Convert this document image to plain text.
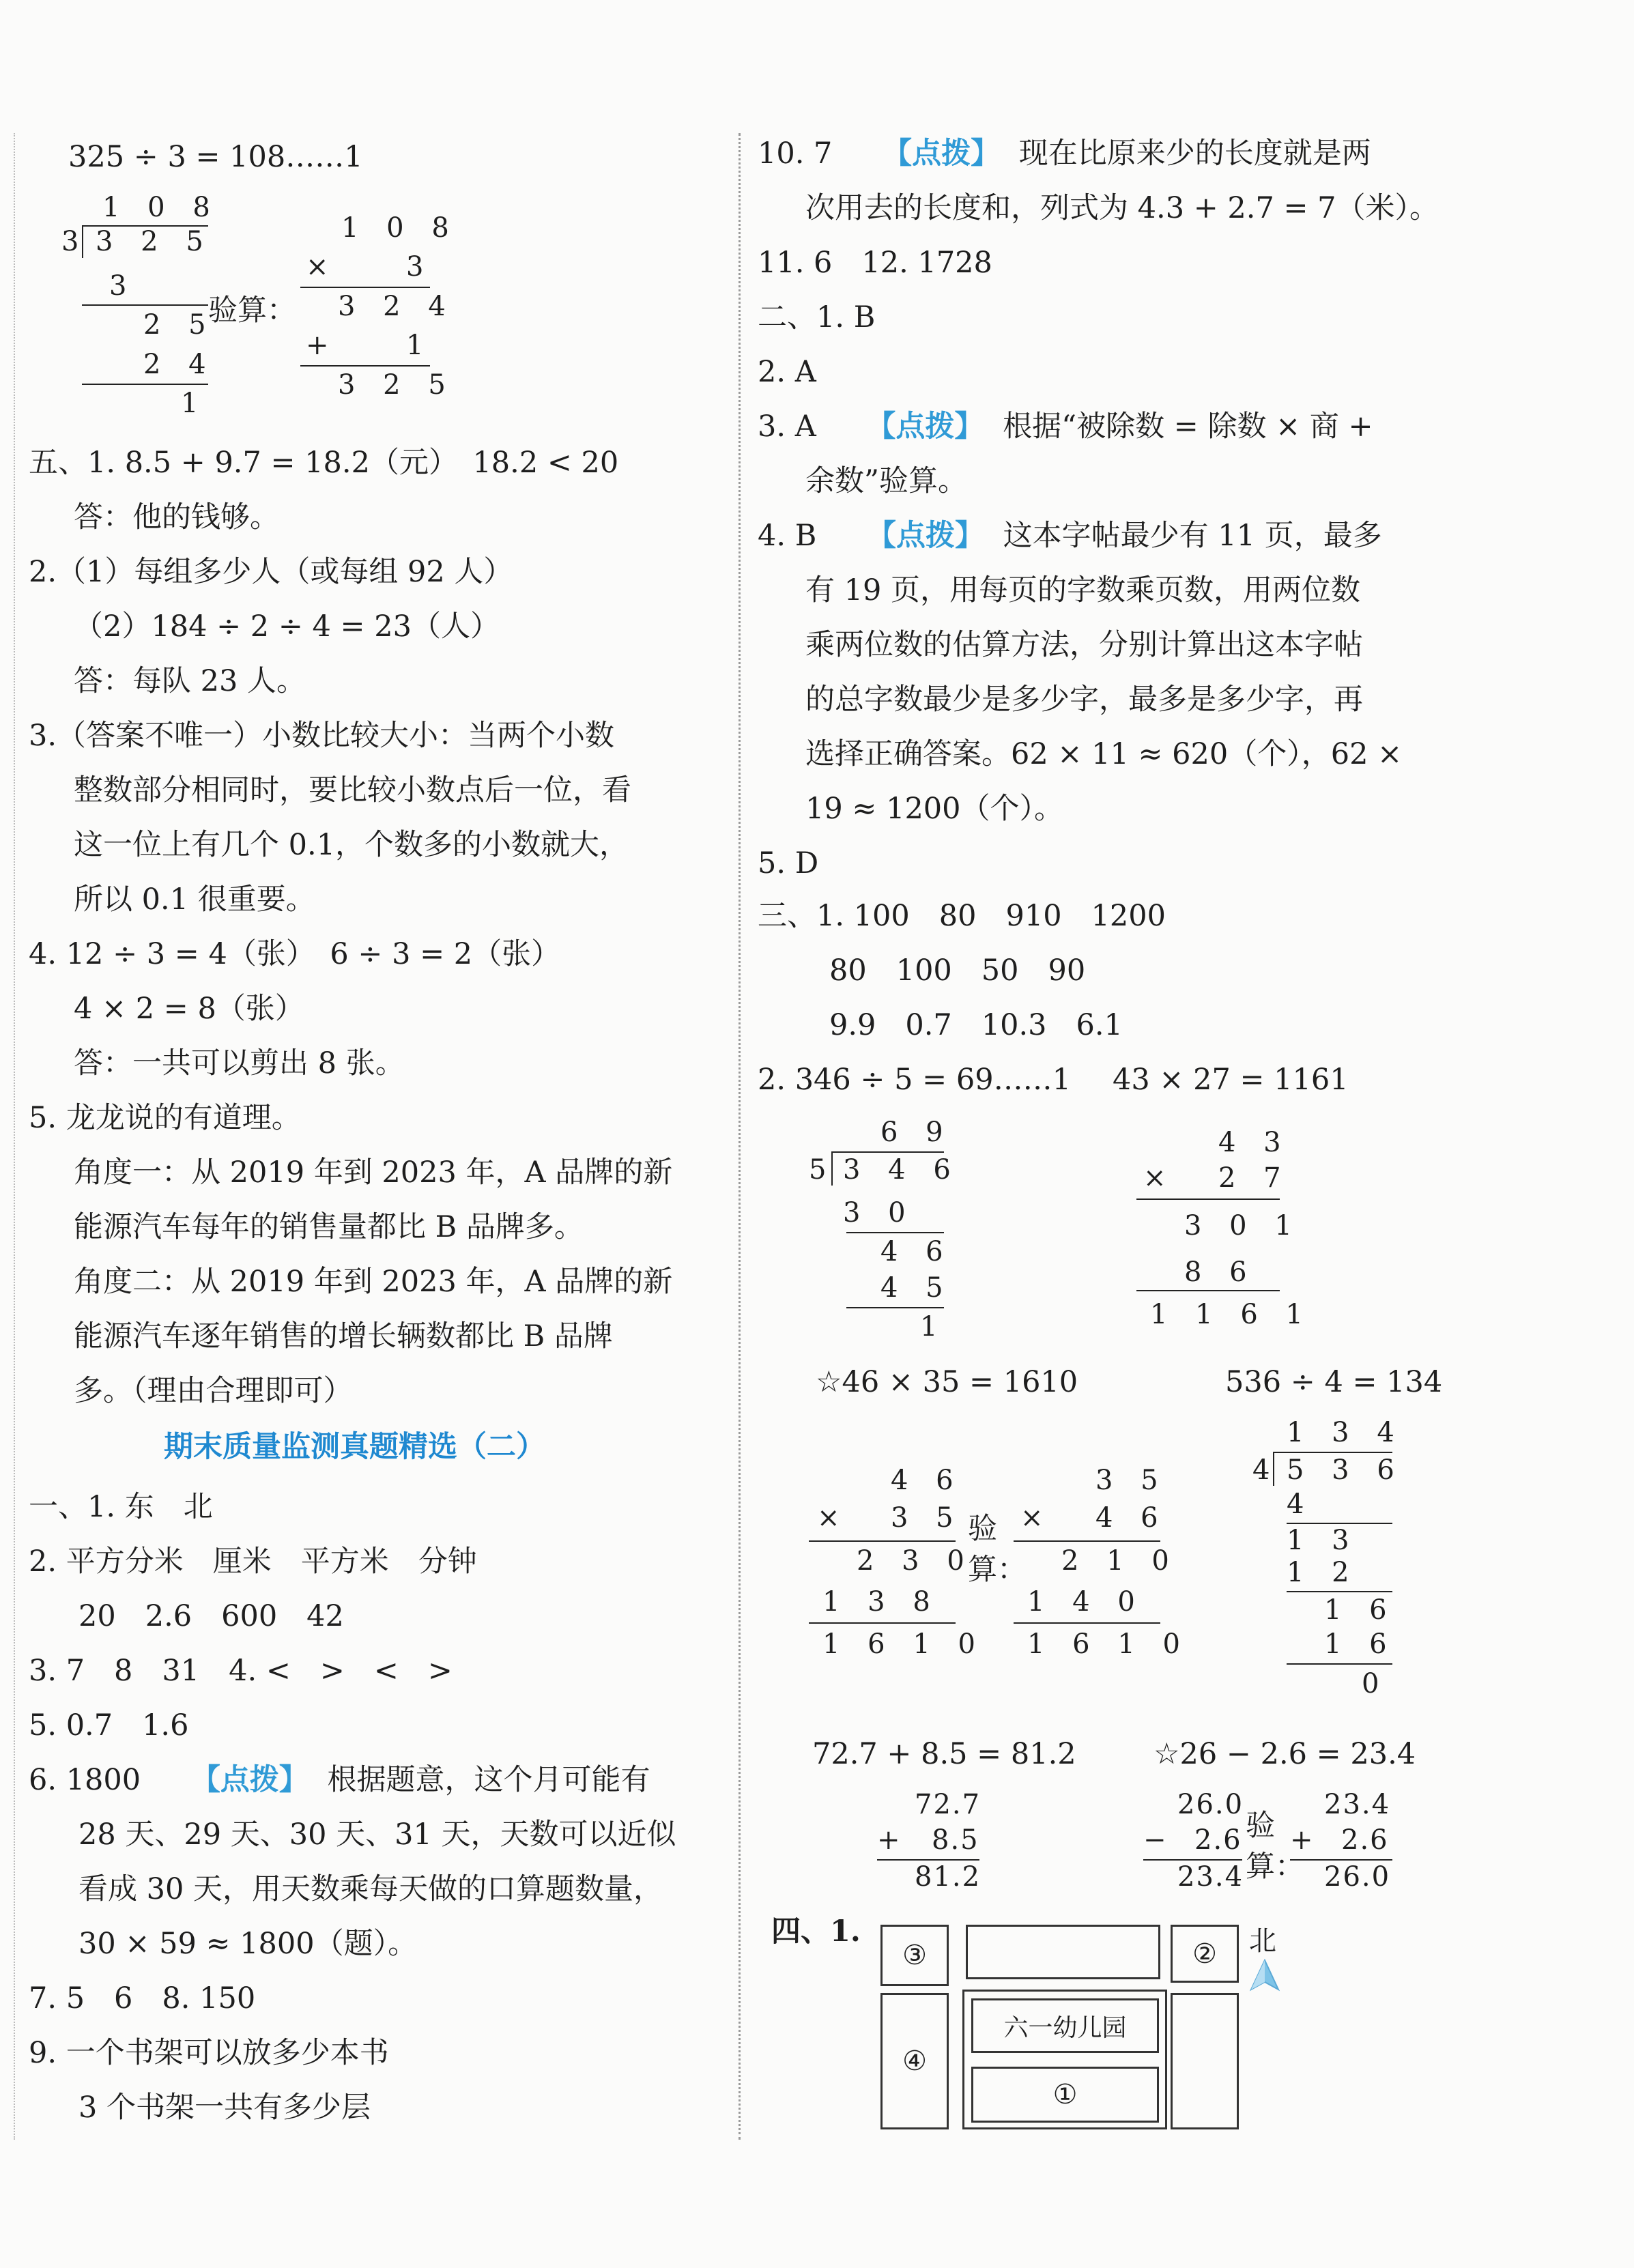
325 ÷ 3 = 108……1
1 0 8
3 3 2 5
3
2 5
2 4
1
验算：
1 0 8
× 3
3 2 4
+ 1
3 2 5
五、1. 8.5 + 9.7 = 18.2（元）　18.2 < 20
答：他的钱够。
2.（1）每组多少人（或每组 92 人）
（2）184 ÷ 2 ÷ 4 = 23（人）
答：每队 23 人。
3.（答案不唯一）小数比较大小：当两个小数
整数部分相同时，要比较小数点后一位，看
这一位上有几个 0.1，个数多的小数就大，
所以 0.1 很重要。
4. 12 ÷ 3 = 4（张）　6 ÷ 3 = 2（张）
4 × 2 = 8（张）
答：一共可以剪出 8 张。
5. 龙龙说的有道理。
角度一：从 2019 年到 2023 年，A 品牌的新
能源汽车每年的销售量都比 B 品牌多。
角度二：从 2019 年到 2023 年，A 品牌的新
能源汽车逐年销售的增长辆数都比 B 品牌
多。（理由合理即可）
期末质量监测真题精选（二）
一、1. 东　北
2. 平方分米　厘米　平方米　分钟
20　2.6　600　42
3. 7　8　31　4. <　>　<　>
5. 0.7　1.6
6. 1800 【点拨】 根据题意，这个月可能有
28 天、29 天、30 天、31 天，天数可以近似
看成 30 天，用天数乘每天做的口算题数量，
30 × 59 ≈ 1800（题）。
7. 5　6　8. 150
9. 一个书架可以放多少本书
3 个书架一共有多少层
10. 7 【点拨】 现在比原来少的长度就是两
次用去的长度和，列式为 4.3 + 2.7 = 7（米）。
11. 6　12. 1728
二、1. B
2. A
3. A 【点拨】 根据“被除数 = 除数 × 商 +
余数”验算。
4. B 【点拨】 这本字帖最少有 11 页，最多
有 19 页，用每页的字数乘页数，用两位数
乘两位数的估算方法，分别计算出这本字帖
的总字数最少是多少字，最多是多少字，再
选择正确答案。62 × 11 ≈ 620（个），62 ×
19 ≈ 1200（个）。
5. D
三、1. 100　80　910　1200
80　100　50　90
9.9　0.7　10.3　6.1
2. 346 ÷ 5 = 69……1 43 × 27 = 1161
6 9
5 3 4 6
3 0
4 6
4 5
1
4 3
× 2 7
3 0 1
8 6
1 1 6 1
☆46 × 35 = 1610	536 ÷ 4 = 134
4 6
× 3 5
2 3 0
1 3 8
1 6 1 0
验
算：
3 5
× 4 6
2 1 0
1 4 0
1 6 1 0
1 3 4
4 5 3 6
4
1 3
1 2
1 6
1 6
0
72.7 + 8.5 = 81.2	☆26 − 2.6 = 23.4
72.7
+ 8.5
81.2
26.0
− 2.6
23.4
验
算：
23.4
+ 2.6
26.0
四、1.
③	②
④
六一幼儿园
①
北
